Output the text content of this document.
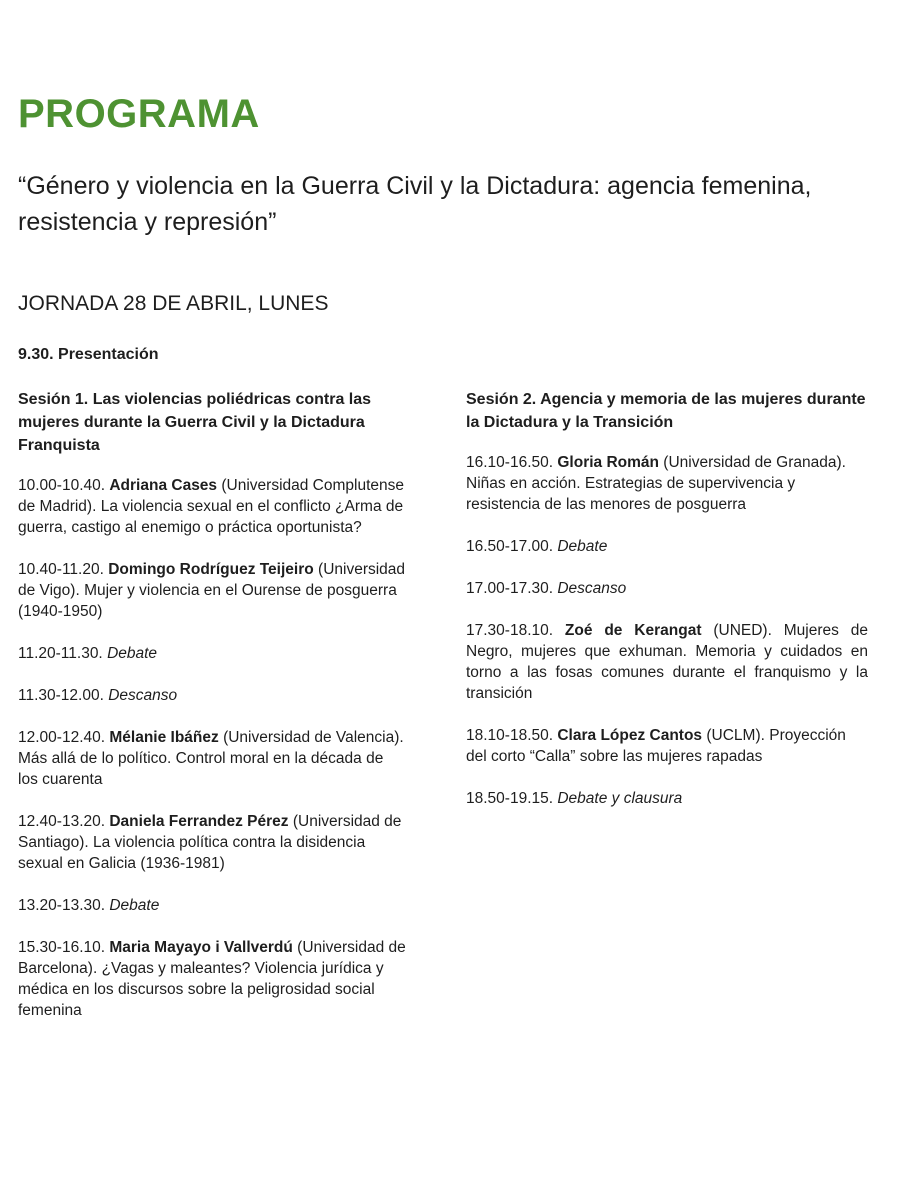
PROGRAMA

“Género y violencia en la Guerra Civil y la Dictadura: agencia femenina, resistencia y represión”

JORNADA 28 DE ABRIL, LUNES

9.30. Presentación

Sesión 1. Las violencias poliédricas contra las mujeres durante la Guerra Civil y la Dictadura Franquista

10.00-10.40. Adriana Cases (Universidad Complutense de Madrid). La violencia sexual en el conflicto ¿Arma de guerra, castigo al enemigo o práctica oportunista?

10.40-11.20. Domingo Rodríguez Teijeiro (Universidad de Vigo). Mujer y violencia en el Ourense de posguerra (1940-1950)

11.20-11.30. Debate

11.30-12.00. Descanso

12.00-12.40. Mélanie Ibáñez (Universidad de Valencia). Más allá de lo político. Control moral en la década de los cuarenta

12.40-13.20. Daniela Ferrandez Pérez (Universidad de Santiago). La violencia política contra la disidencia sexual en Galicia (1936-1981)

13.20-13.30. Debate

15.30-16.10. Maria Mayayo i Vallverdú (Universidad de Barcelona). ¿Vagas y maleantes? Violencia jurídica y médica en los discursos sobre la peligrosidad social femenina

Sesión 2. Agencia y memoria de las mujeres durante la Dictadura y la Transición

16.10-16.50. Gloria Román (Universidad de Granada). Niñas en acción. Estrategias de supervivencia y resistencia de las menores de posguerra

16.50-17.00. Debate

17.00-17.30. Descanso

17.30-18.10. Zoé de Kerangat (UNED). Mujeres de Negro, mujeres que exhuman. Memoria y cuidados en torno a las fosas comunes durante el franquismo y la transición

18.10-18.50. Clara López Cantos (UCLM). Proyección del corto “Calla” sobre las mujeres rapadas

18.50-19.15. Debate y clausura
